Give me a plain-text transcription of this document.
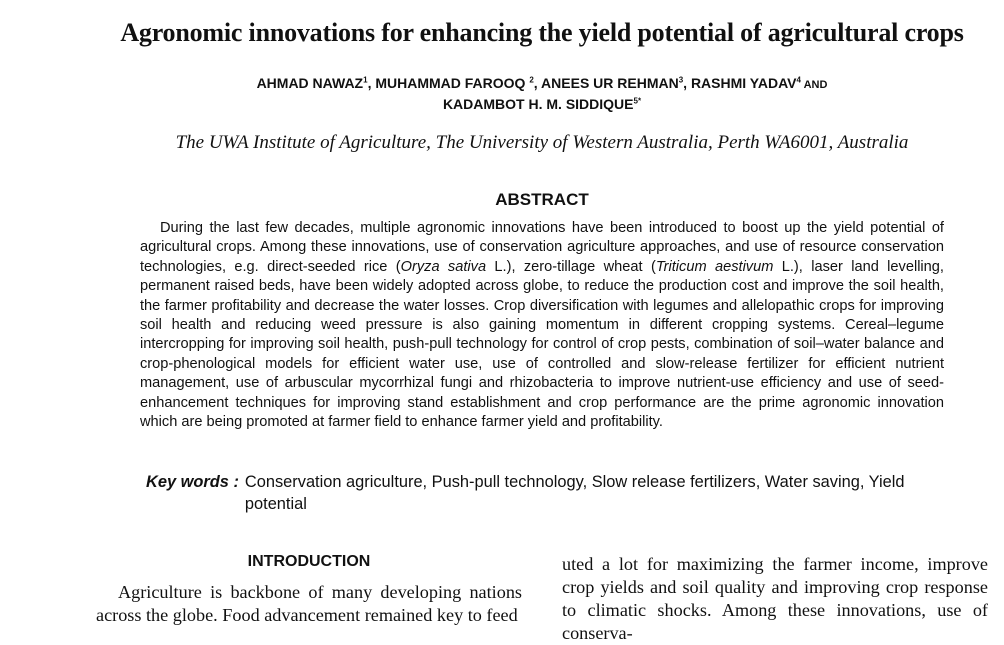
Agronomic innovations for enhancing the yield potential of agricultural crops
AHMAD NAWAZ$^1$, MUHAMMAD FAROOQ $^2$, ANEES UR REHMAN$^3$, RASHMI YADAV$^4$ AND
KADAMBOT H. M. $SIDDIQUE^{5*}$
The UWA Institute of Agriculture, The University of Western Australia, Perth WA6001, Australia
ABSTRACT

During the last few decades, multiple agronomic innovations have been introduced to boost up the yield potential of agricultural crops. Among these innovations, use of conservation agriculture approaches, and use of resource conservation technologies, e.g. direct-seeded rice (Oryza sativa L.), zero-tillage wheat (Triticum aestivum L.), laser land levelling, permanent raised beds, have been widely adopted across globe, to reduce the production cost and improve the soil health, the farmer profitability and decrease the water losses. Crop diversification with legumes and allelopathic crops for improving soil health and reducing weed pressure is also gaining momentum in different cropping systems. Cereal–legume intercropping for improving soil health, push-pull technology for control of crop pests, combination of soil–water balance and crop-phenological models for efficient water use, use of controlled and slow-release fertilizer for efficient nutrient management, use of arbuscular mycorrhizal fungi and rhizobacteria to improve nutrient-use efficiency and use of seed-enhancement techniques for improving stand establishment and crop performance are the prime agronomic innovation which are being promoted at farmer field to enhance farmer yield and profitability.

Key words : Conservation agriculture, Push-pull technology, Slow release fertilizers, Water saving, Yield potential
INTRODUCTION

Agriculture is backbone of many developing nations across the globe. Food advancement remained key to feed

uted a lot for maximizing the farmer income, improve crop yields and soil quality and improving crop response to climatic shocks. Among these innovations, use of conserva-
